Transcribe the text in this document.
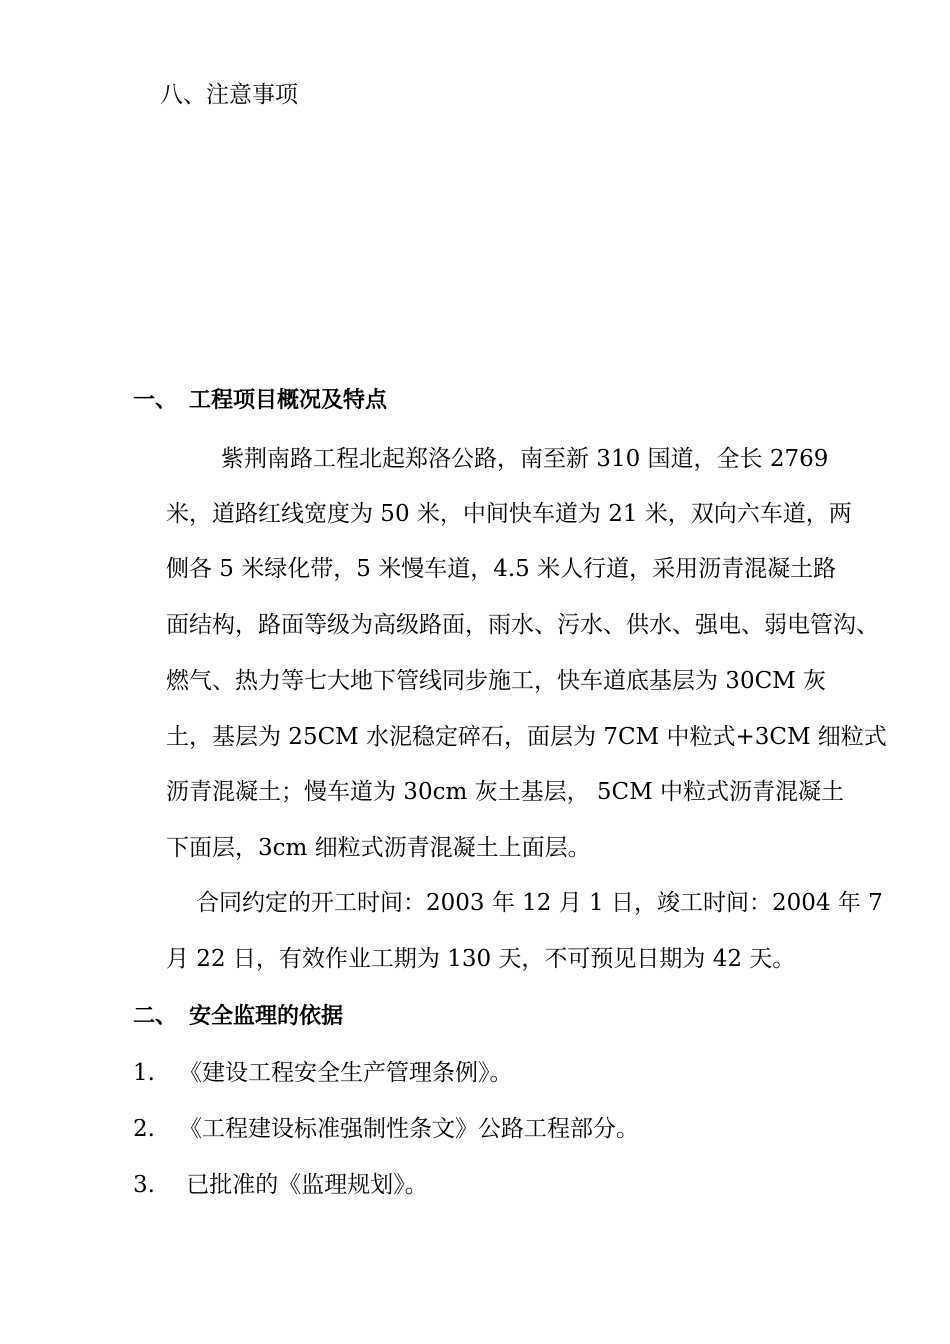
八、注意事项
一、 工程项目概况及特点
紫荆南路工程北起郑洛公路，南至新 310 国道，全长 2769
米，道路红线宽度为 50 米，中间快车道为 21 米，双向六车道，两
侧各 5 米绿化带，5 米慢车道，4.5 米人行道，采用沥青混凝土路
面结构，路面等级为高级路面，雨水、污水、供水、强电、弱电管沟、
燃气、热力等七大地下管线同步施工，快车道底基层为 30CM 灰
土，基层为 25CM 水泥稳定碎石，面层为 7CM 中粒式+3CM 细粒式
沥青混凝土；慢车道为 30cm 灰土基层， 5CM 中粒式沥青混凝土
下面层，3cm 细粒式沥青混凝土上面层。
合同约定的开工时间：2003 年 12 月 1 日，竣工时间：2004 年 7
月 22 日，有效作业工期为 130 天，不可预见日期为 42 天。
二、 安全监理的依据
1.	《建设工程安全生产管理条例》。
2.	《工程建设标准强制性条文》公路工程部分。
3.	已批准的《监理规划》。
